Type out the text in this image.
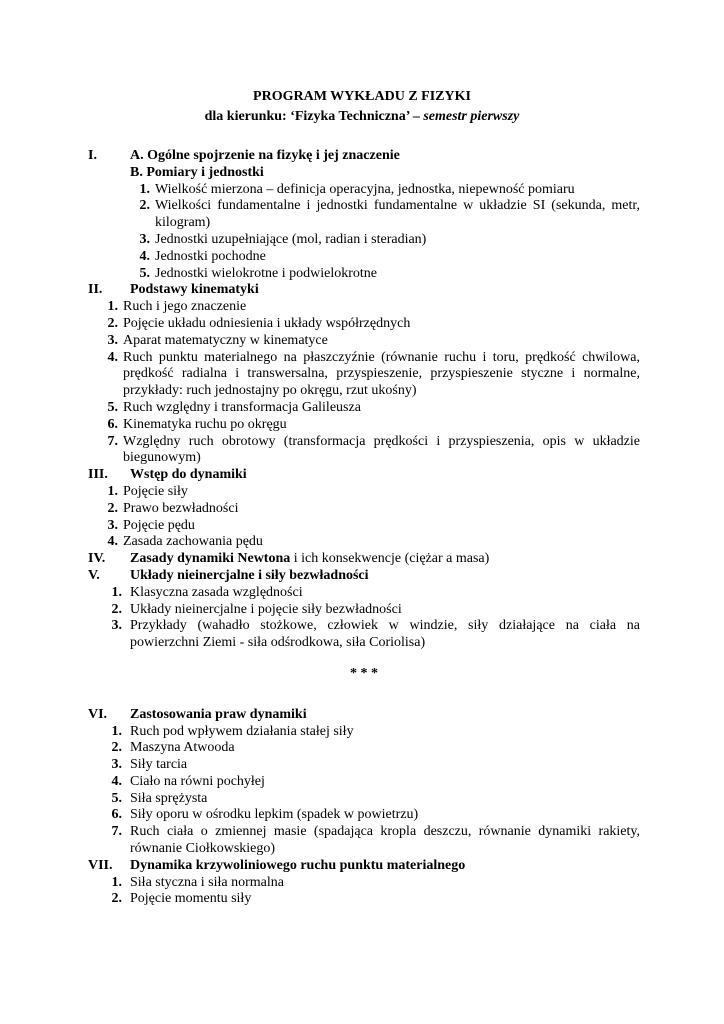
PROGRAM WYKŁADU Z FIZYKI
dla kierunku: ‘Fizyka Techniczna’ – semestr pierwszy
I.	A. Ogólne spojrzenie na fizykę i jej znaczenie
B. Pomiary i jednostki
1. Wielkość mierzona – definicja operacyjna, jednostka, niepewność pomiaru
2. Wielkości fundamentalne i jednostki fundamentalne w układzie SI (sekunda, metr, kilogram)
3. Jednostki uzupełniające (mol, radian i steradian)
4. Jednostki pochodne
5. Jednostki wielokrotne i podwielokrotne
II.	Podstawy kinematyki
1. Ruch i jego znaczenie
2. Pojęcie układu odniesienia i układy współrzędnych
3. Aparat matematyczny w kinematyce
4. Ruch punktu materialnego na płaszczyźnie (równanie ruchu i toru, prędkość chwilowa, prędkość radialna i transwersalna, przyspieszenie, przyspieszenie styczne i normalne, przykłady: ruch jednostajny po okręgu, rzut ukośny)
5. Ruch względny i transformacja Galileusza
6. Kinematyka ruchu po okręgu
7. Względny ruch obrotowy (transformacja prędkości i przyspieszenia, opis w układzie biegunowym)
III.	Wstęp do dynamiki
1. Pojęcie siły
2. Prawo bezwładności
3. Pojęcie pędu
4. Zasada zachowania pędu
IV.	Zasady dynamiki Newtona i ich konsekwencje (ciężar a masa)
V.	Układy nieinercjalne i siły bezwładności
1. Klasyczna zasada względności
2. Układy nieinercjalne i pojęcie siły bezwładności
3. Przykłady (wahadło stożkowe, człowiek w windzie, siły działające na ciała na powierzchni Ziemi - siła odśrodkowa, siła Coriolisa)
* * *
VI.	Zastosowania praw dynamiki
1. Ruch pod wpływem działania stałej siły
2. Maszyna Atwooda
3. Siły tarcia
4. Ciało na równi pochyłej
5. Siła sprężysta
6. Siły oporu w ośrodku lepkim (spadek w powietrzu)
7. Ruch ciała o zmiennej masie (spadająca kropla deszczu, równanie dynamiki rakiety, równanie Ciołkowskiego)
VII.	Dynamika krzywoliniowego ruchu punktu materialnego
1. Siła styczna i siła normalna
2. Pojęcie momentu siły
